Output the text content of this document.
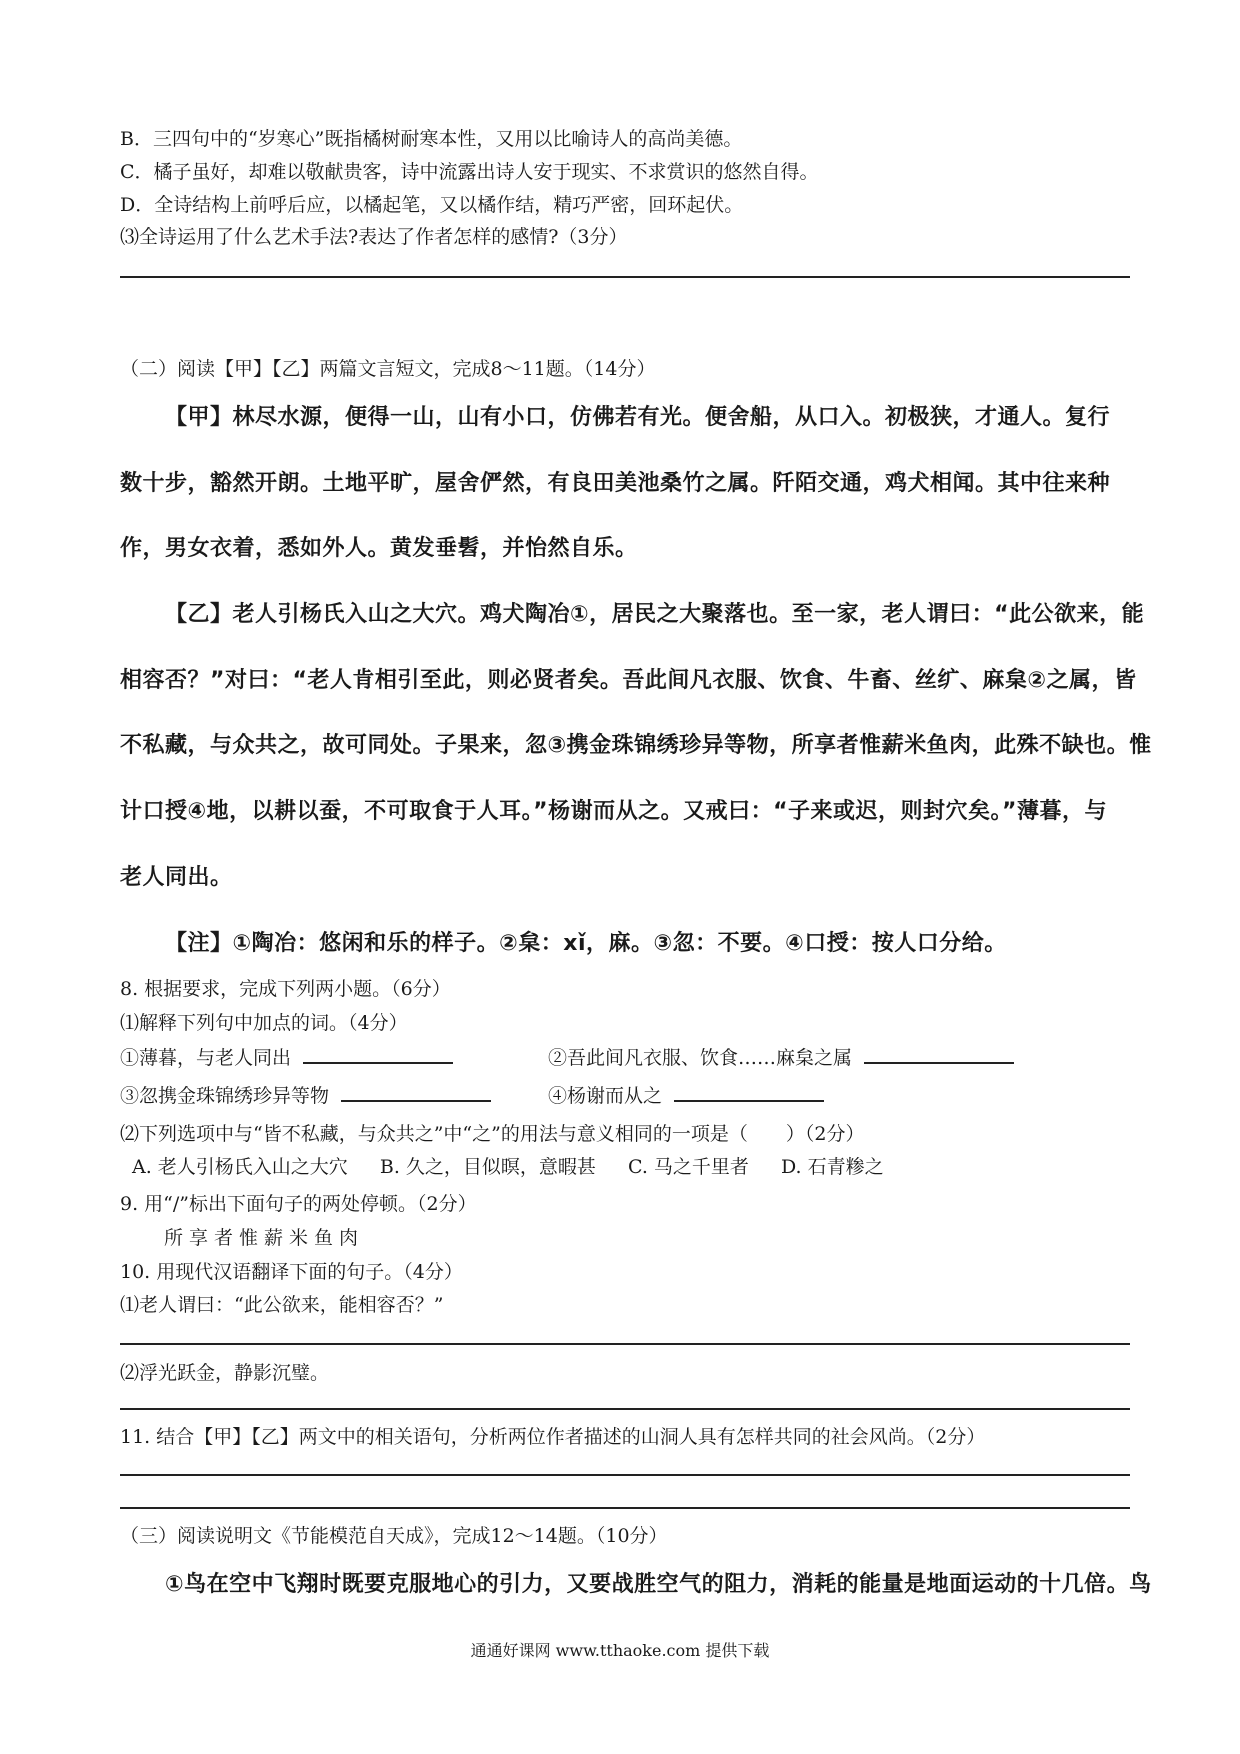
B．三四句中的“岁寒心”既指橘树耐寒本性，又用以比喻诗人的高尚美德。
C．橘子虽好，却难以敬献贵客，诗中流露出诗人安于现实、不求赏识的悠然自得。
D．全诗结构上前呼后应，以橘起笔，又以橘作结，精巧严密，回环起伏。
⑶全诗运用了什么艺术手法?表达了作者怎样的感情?（3分）
（二）阅读【甲】【乙】两篇文言短文，完成8～11题。（14分）
【甲】林尽水源，便得一山，山有小口，仿佛若有光。便舍船，从口入。初极狭，才通人。复行
数十步，豁然开朗。土地平旷，屋舍俨然，有良田美池桑竹之属。阡陌交通，鸡犬相闻。其中往来种
作，男女衣着，悉如外人。黄发垂髫，并怡然自乐。
【乙】老人引杨氏入山之大穴。鸡犬陶冶①，居民之大聚落也。至一家，老人谓曰：“此公欲来，能
相容否？”对曰：“老人肯相引至此，则必贤者矣。吾此间凡衣服、饮食、牛畜、丝纩、麻枲②之属，皆
不私藏，与众共之，故可同处。子果来，忽③携金珠锦绣珍异等物，所享者惟薪米鱼肉，此殊不缺也。惟
计口授④地，以耕以蚕，不可取食于人耳。”杨谢而从之。又戒曰：“子来或迟，则封穴矣。”薄暮，与
老人同出。
【注】①陶冶：悠闲和乐的样子。②枲：xǐ，麻。③忽：不要。④口授：按人口分给。
8. 根据要求，完成下列两小题。（6分）
⑴解释下列句中加点的词。（4分）
①薄暮，与老人同出	②吾此间凡衣服、饮食……麻枲之属
③忽携金珠锦绣珍异等物	④杨谢而从之
⑵下列选项中与“皆不私藏，与众共之”中“之”的用法与意义相同的一项是（　　）（2分）
A. 老人引杨氏入山之大穴 B. 久之，目似暝，意暇甚 C. 马之千里者 D. 石青糁之
9. 用“/”标出下面句子的两处停顿。（2分）
所享者惟薪米鱼肉
10. 用现代汉语翻译下面的句子。（4分）
⑴老人谓曰：“此公欲来，能相容否？”
⑵浮光跃金，静影沉璧。
11. 结合【甲】【乙】两文中的相关语句，分析两位作者描述的山洞人具有怎样共同的社会风尚。（2分）
（三）阅读说明文《节能模范自天成》，完成12～14题。（10分）
①鸟在空中飞翔时既要克服地心的引力，又要战胜空气的阻力，消耗的能量是地面运动的十几倍。鸟
通通好课网 www.tthaoke.com 提供下载
